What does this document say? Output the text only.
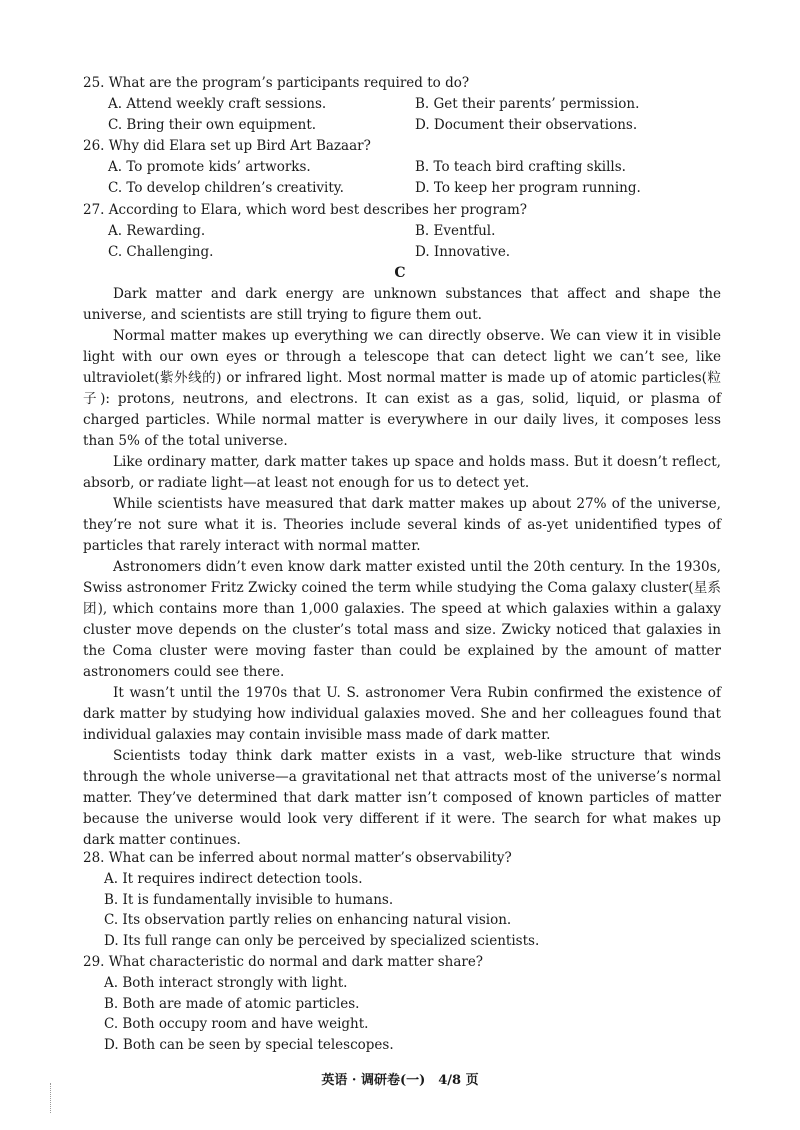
25. What are the program’s participants required to do?
A. Attend weekly craft sessions.	B. Get their parents’ permission.
C. Bring their own equipment.	D. Document their observations.
26. Why did Elara set up Bird Art Bazaar?
A. To promote kids’ artworks.	B. To teach bird crafting skills.
C. To develop children’s creativity.	D. To keep her program running.
27. According to Elara, which word best describes her program?
A. Rewarding.	B. Eventful.
C. Challenging.	D. Innovative.
C

Dark matter and dark energy are unknown substances that affect and shape the universe, and scientists are still trying to figure them out.

Normal matter makes up everything we can directly observe. We can view it in visible light with our own eyes or through a telescope that can detect light we can’t see, like ultraviolet(紫外线的) or infrared light. Most normal matter is made up of atomic particles(粒子): protons, neutrons, and electrons. It can exist as a gas, solid, liquid, or plasma of charged particles. While normal matter is everywhere in our daily lives, it composes less than 5% of the total universe.

Like ordinary matter, dark matter takes up space and holds mass. But it doesn’t reflect, absorb, or radiate light—at least not enough for us to detect yet.

While scientists have measured that dark matter makes up about 27% of the universe, they’re not sure what it is. Theories include several kinds of as-yet unidentified types of particles that rarely interact with normal matter.

Astronomers didn’t even know dark matter existed until the 20th century. In the 1930s, Swiss astronomer Fritz Zwicky coined the term while studying the Coma galaxy cluster(星系团), which contains more than 1,000 galaxies. The speed at which galaxies within a galaxy cluster move depends on the cluster’s total mass and size. Zwicky noticed that galaxies in the Coma cluster were moving faster than could be explained by the amount of matter astronomers could see there.

It wasn’t until the 1970s that U. S. astronomer Vera Rubin confirmed the existence of dark matter by studying how individual galaxies moved. She and her colleagues found that individual galaxies may contain invisible mass made of dark matter.

Scientists today think dark matter exists in a vast, web-like structure that winds through the whole universe—a gravitational net that attracts most of the universe’s normal matter. They’ve determined that dark matter isn’t composed of known particles of matter because the universe would look very different if it were. The search for what makes up dark matter continues.

28. What can be inferred about normal matter’s observability?
A. It requires indirect detection tools.
B. It is fundamentally invisible to humans.
C. Its observation partly relies on enhancing natural vision.
D. Its full range can only be perceived by specialized scientists.
29. What characteristic do normal and dark matter share?
A. Both interact strongly with light.
B. Both are made of atomic particles.
C. Both occupy room and have weight.
D. Both can be seen by special telescopes.
英语 · 调研卷(一)　4/8 页
